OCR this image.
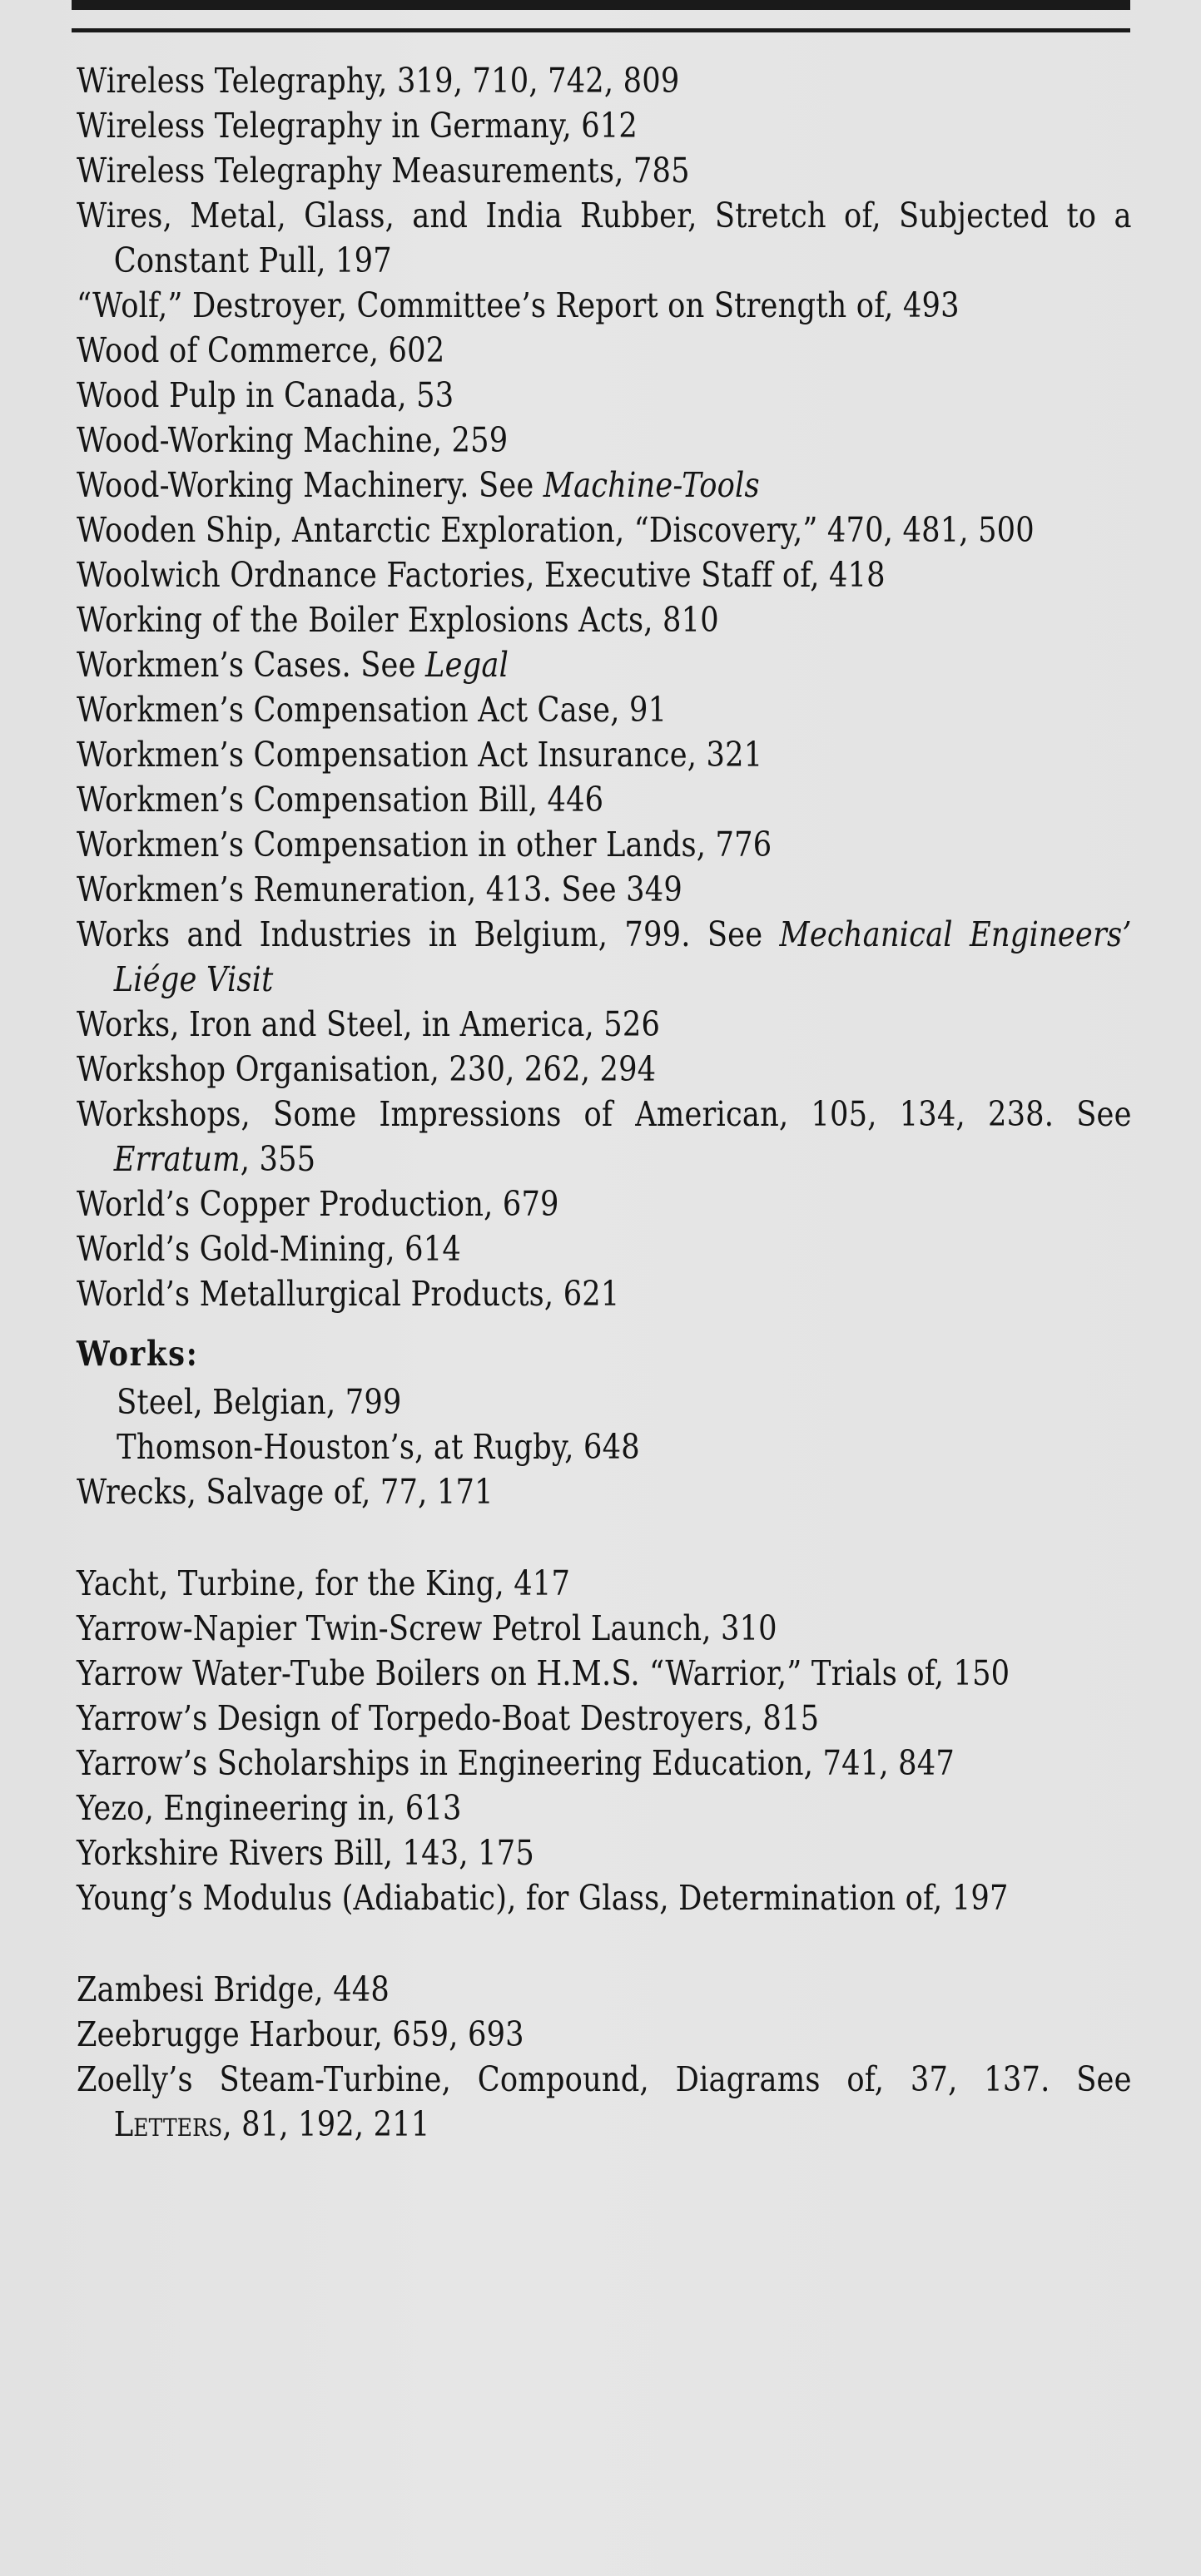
Wireless Telegraphy, 319, 710, 742, 809
Wireless Telegraphy in Germany, 612
Wireless Telegraphy Measurements, 785
Wires, Metal, Glass, and India Rubber, Stretch of, Subjected to a Constant Pull, 197
“Wolf,” Destroyer, Committee’s Report on Strength of, 493
Wood of Commerce, 602
Wood Pulp in Canada, 53
Wood-Working Machine, 259
Wood-Working Machinery. See Machine-Tools
Wooden Ship, Antarctic Exploration, “Discovery,” 470, 481, 500
Woolwich Ordnance Factories, Executive Staff of, 418
Working of the Boiler Explosions Acts, 810
Workmen’s Cases. See Legal
Workmen’s Compensation Act Case, 91
Workmen’s Compensation Act Insurance, 321
Workmen’s Compensation Bill, 446
Workmen’s Compensation in other Lands, 776
Workmen’s Remuneration, 413. See 349
Works and Industries in Belgium, 799. See Mechanical Engineers’ Liége Visit
Works, Iron and Steel, in America, 526
Workshop Organisation, 230, 262, 294
Workshops, Some Impressions of American, 105, 134, 238. See Erratum, 355
World’s Copper Production, 679
World’s Gold-Mining, 614
World’s Metallurgical Products, 621
Works:
Steel, Belgian, 799
Thomson-Houston’s, at Rugby, 648
Wrecks, Salvage of, 77, 171
Yacht, Turbine, for the King, 417
Yarrow-Napier Twin-Screw Petrol Launch, 310
Yarrow Water-Tube Boilers on H.M.S. “Warrior,” Trials of, 150
Yarrow’s Design of Torpedo-Boat Destroyers, 815
Yarrow’s Scholarships in Engineering Education, 741, 847
Yezo, Engineering in, 613
Yorkshire Rivers Bill, 143, 175
Young’s Modulus (Adiabatic), for Glass, Determination of, 197
Zambesi Bridge, 448
Zeebrugge Harbour, 659, 693
Zoelly’s Steam-Turbine, Compound, Diagrams of, 37, 137. See Letters, 81, 192, 211
